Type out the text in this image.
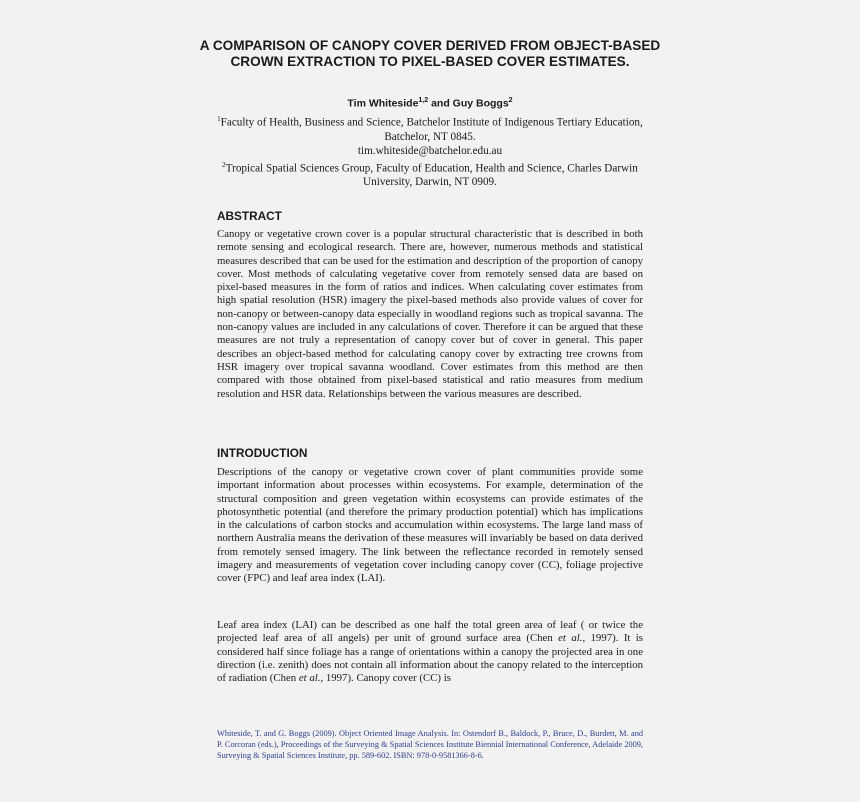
A COMPARISON OF CANOPY COVER DERIVED FROM OBJECT-BASED CROWN EXTRACTION TO PIXEL-BASED COVER ESTIMATES.
Tim Whiteside$^{1,2}$ and Guy Boggs$^2$
$^1$Faculty of Health, Business and Science, Batchelor Institute of Indigenous Tertiary Education, Batchelor, NT 0845.
tim.whiteside@batchelor.edu.au
$^2$Tropical Spatial Sciences Group, Faculty of Education, Health and Science, Charles Darwin University, Darwin, NT 0909.
ABSTRACT
Canopy or vegetative crown cover is a popular structural characteristic that is described in both remote sensing and ecological research. There are, however, numerous methods and statistical measures described that can be used for the estimation and description of the proportion of canopy cover. Most methods of calculating vegetative cover from remotely sensed data are based on pixel-based measures in the form of ratios and indices. When calculating cover estimates from high spatial resolution (HSR) imagery the pixel-based methods also provide values of cover for non-canopy or between-canopy data especially in woodland regions such as tropical savanna. The non-canopy values are included in any calculations of cover. Therefore it can be argued that these measures are not truly a representation of canopy cover but of cover in general. This paper describes an object-based method for calculating canopy cover by extracting tree crowns from HSR imagery over tropical savanna woodland. Cover estimates from this method are then compared with those obtained from pixel-based statistical and ratio measures from medium resolution and HSR data. Relationships between the various measures are described.
INTRODUCTION
Descriptions of the canopy or vegetative crown cover of plant communities provide some important information about processes within ecosystems. For example, determination of the structural composition and green vegetation within ecosystems can provide estimates of the photosynthetic potential (and therefore the primary production potential) which has implications in the calculations of carbon stocks and accumulation within ecosystems. The large land mass of northern Australia means the derivation of these measures will invariably be based on data derived from remotely sensed imagery. The link between the reflectance recorded in remotely sensed imagery and measurements of vegetation cover including canopy cover (CC), foliage projective cover (FPC) and leaf area index (LAI).
Leaf area index (LAI) can be described as one half the total green area of leaf ( or twice the projected leaf area of all angels) per unit of ground surface area (Chen et al., 1997). It is considered half since foliage has a range of orientations within a canopy the projected area in one direction (i.e. zenith) does not contain all information about the canopy related to the interception of radiation (Chen et al., 1997). Canopy cover (CC) is
Whiteside, T. and G. Boggs (2009). Object Oriented Image Analysis. In: Ostendorf B., Baldock, P., Bruce, D., Burdett, M. and P. Corcoran (eds.), Proceedings of the Surveying & Spatial Sciences Institute Biennial International Conference, Adelaide 2009, Surveying & Spatial Sciences Institute, pp. 589-602. ISBN: 978-0-9581366-8-6.
